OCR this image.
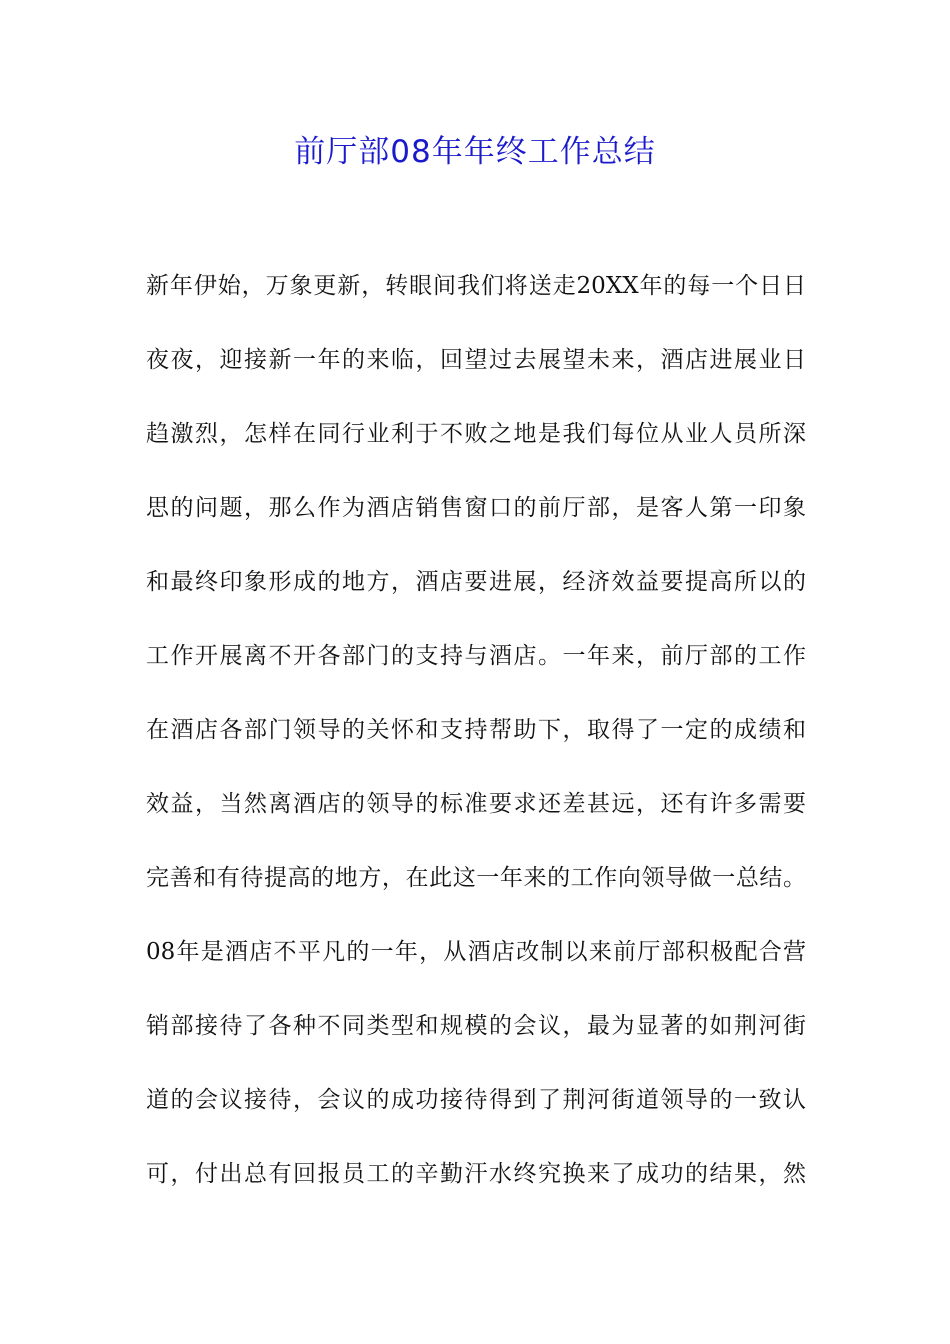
前厅部08年年终工作总结
新年伊始，万象更新，转眼间我们将送走20XX年的每一个日日
夜夜，迎接新一年的来临，回望过去展望未来，酒店进展业日
趋激烈，怎样在同行业利于不败之地是我们每位从业人员所深
思的问题，那么作为酒店销售窗口的前厅部，是客人第一印象
和最终印象形成的地方，酒店要进展，经济效益要提高所以的
工作开展离不开各部门的支持与酒店。一年来，前厅部的工作
在酒店各部门领导的关怀和支持帮助下，取得了一定的成绩和
效益，当然离酒店的领导的标准要求还差甚远，还有许多需要
完善和有待提高的地方，在此这一年来的工作向领导做一总结。
08年是酒店不平凡的一年，从酒店改制以来前厅部积极配合营
销部接待了各种不同类型和规模的会议，最为显著的如荆河街
道的会议接待，会议的成功接待得到了荆河街道领导的一致认
可，付出总有回报员工的辛勤汗水终究换来了成功的结果，然
